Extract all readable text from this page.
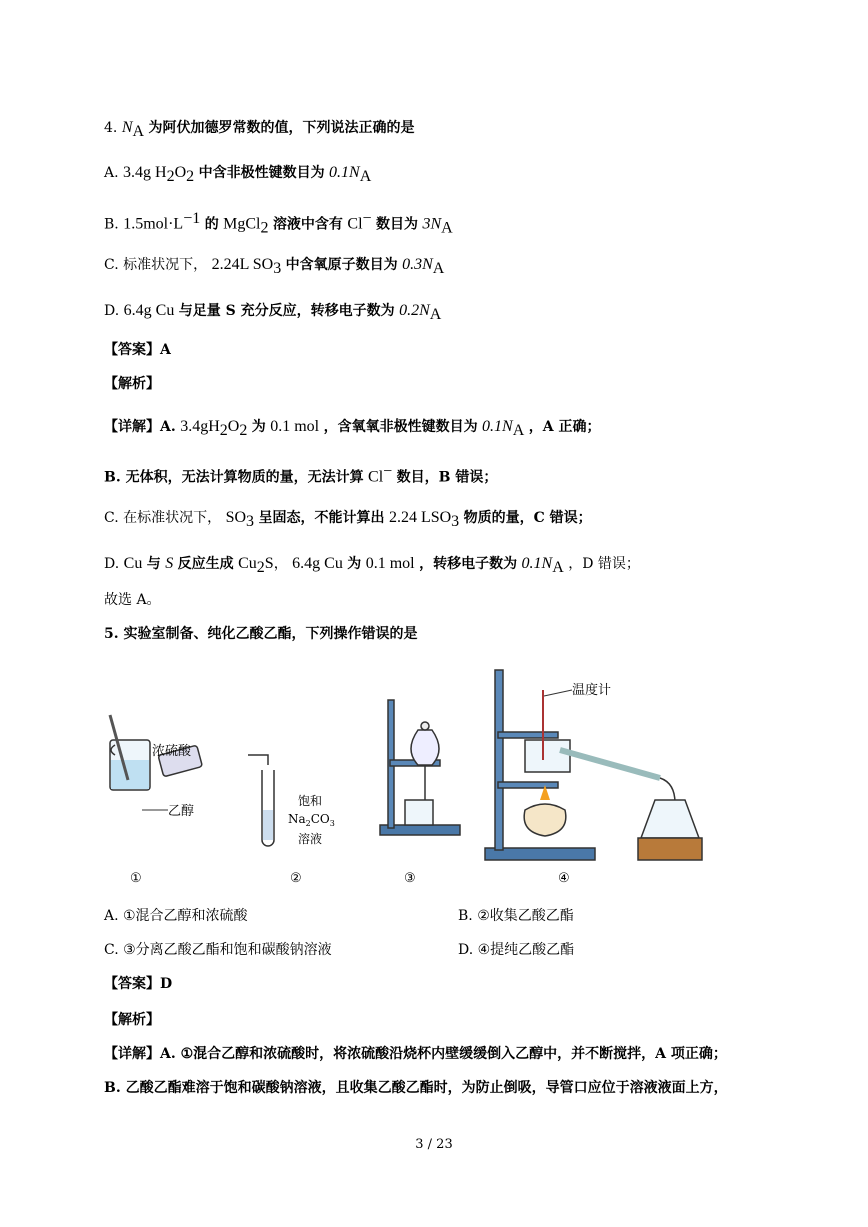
4. $N_A$ 为阿伏加德罗常数的值，下列说法正确的是
A. 3.4g $H_2O_2$ 中含非极性键数目为 $0.1N_A$
B. $1.5mol\cdot L^{-1}$ 的 MgCl$_2$ 溶液中含有 Cl− 数目为 $3N_A$
C. 标准状况下， 2.24L $SO_3$ 中含氧原子数目为 $0.3N_A$
D. 6.4g Cu 与足量 S 充分反应，转移电子数为 $0.2N_A$
【答案】A
【解析】
【详解】A. $3.4gH_2O_2$ 为 0.1 mol ，含氧氧非极性键数目为 $0.1N_A$ ，A 正确；
B. 无体积，无法计算物质的量，无法计算 Cl− 数目，B 错误；
C. 在标准状况下， $SO_3$ 呈固态，不能计算出 2.24 $LSO_3$ 物质的量，C 错误；
D. Cu 与 S 反应生成 $Cu_2S$， 6.4g Cu 为 0.1 mol ，转移电子数为 $0.1N_A$ ，D 错误；
故选 A。
5. 实验室制备、纯化乙酸乙酯，下列操作错误的是
浓硫酸
乙醇
饱和
$Na_2CO_3$
溶液
温度计
①	②	③	④
A. ①混合乙醇和浓硫酸	B. ②收集乙酸乙酯
C. ③分离乙酸乙酯和饱和碳酸钠溶液	D. ④提纯乙酸乙酯
【答案】D
【解析】
【详解】A. ①混合乙醇和浓硫酸时，将浓硫酸沿烧杯内壁缓缓倒入乙醇中，并不断搅拌，A 项正确；
B. 乙酸乙酯难溶于饱和碳酸钠溶液，且收集乙酸乙酯时，为防止倒吸，导管口应位于溶液液面上方，
3 / 23
